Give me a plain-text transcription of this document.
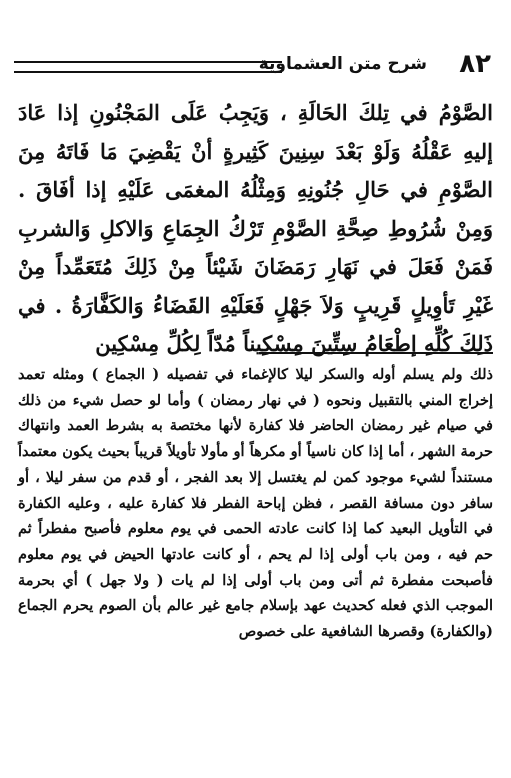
٨٢
شرح متن العشماوية

الصَّوْمُ في تِلكَ الحَالَةِ ، وَيَجِبُ عَلَى المَجْنُونِ إذا عَادَ إليهِ عَقْلُهُ وَلَوْ بَعْدَ سِنِينَ كَثِيرةٍ أنْ يَقْضِيَ مَا فَاتَهُ مِنَ الصَّوْمِ في حَالِ جُنُونِهِ وَمِثْلُهُ المغمَى عَلَيْهِ إذا أفَاقَ . وَمِنْ شُرُوطِ صِحَّةِ الصَّوْمِ تَرْكُ الجِمَاعِ وَالاكلِ وَالشربِ فَمَنْ فَعَلَ في نَهَارِ رَمَضَانَ شَيْئاً مِنْ ذَلِكَ مُتَعَمِّداً مِنْ غَيْرِ تَأوِيلٍ قَرِيبٍ وَلاَ جَهْلٍ فَعَلَيْهِ القَضَاءُ وَالكَفَّارَةُ . في ذَلِكَ كُلِّهِ إطْعَامُ سِتِّينَ مِسْكِيناً مُدّاً لِكُلِّ مِسْكِين

ذلك ولم يسلم أوله والسكر ليلا كالإغماء في تفصيله ( الجماع ) ومثله تعمد إخراج المني بالتقبيل ونحوه ( في نهار رمضان ) وأما لو حصل شيء من ذلك في صيام غير رمضان الحاضر فلا كفارة لأنها مختصة به بشرط العمد وانتهاك حرمة الشهر ، أما إذا كان ناسياً أو مكرهاً أو مأولا تأويلاً قريباً بحيث يكون معتمداً مستنداً لشيء موجود كمن لم يغتسل إلا بعد الفجر ، أو قدم من سفر ليلا ، أو سافر دون مسافة القصر ، فظن إباحة الفطر فلا كفارة عليه ، وعليه الكفارة في التأويل البعيد كما إذا كانت عادته الحمى في يوم معلوم فأصبح مفطراً ثم حم فيه ، ومن باب أولى إذا لم يحم ، أو كانت عادتها الحيض في يوم معلوم فأصبحت مفطرة ثم أتى ومن باب أولى إذا لم يات ( ولا جهل ) أي بحرمة الموجب الذي فعله كحديث عهد بإسلام جامع غير عالم بأن الصوم يحرم الجماع (والكفارة) وقصرها الشافعية على خصوص
